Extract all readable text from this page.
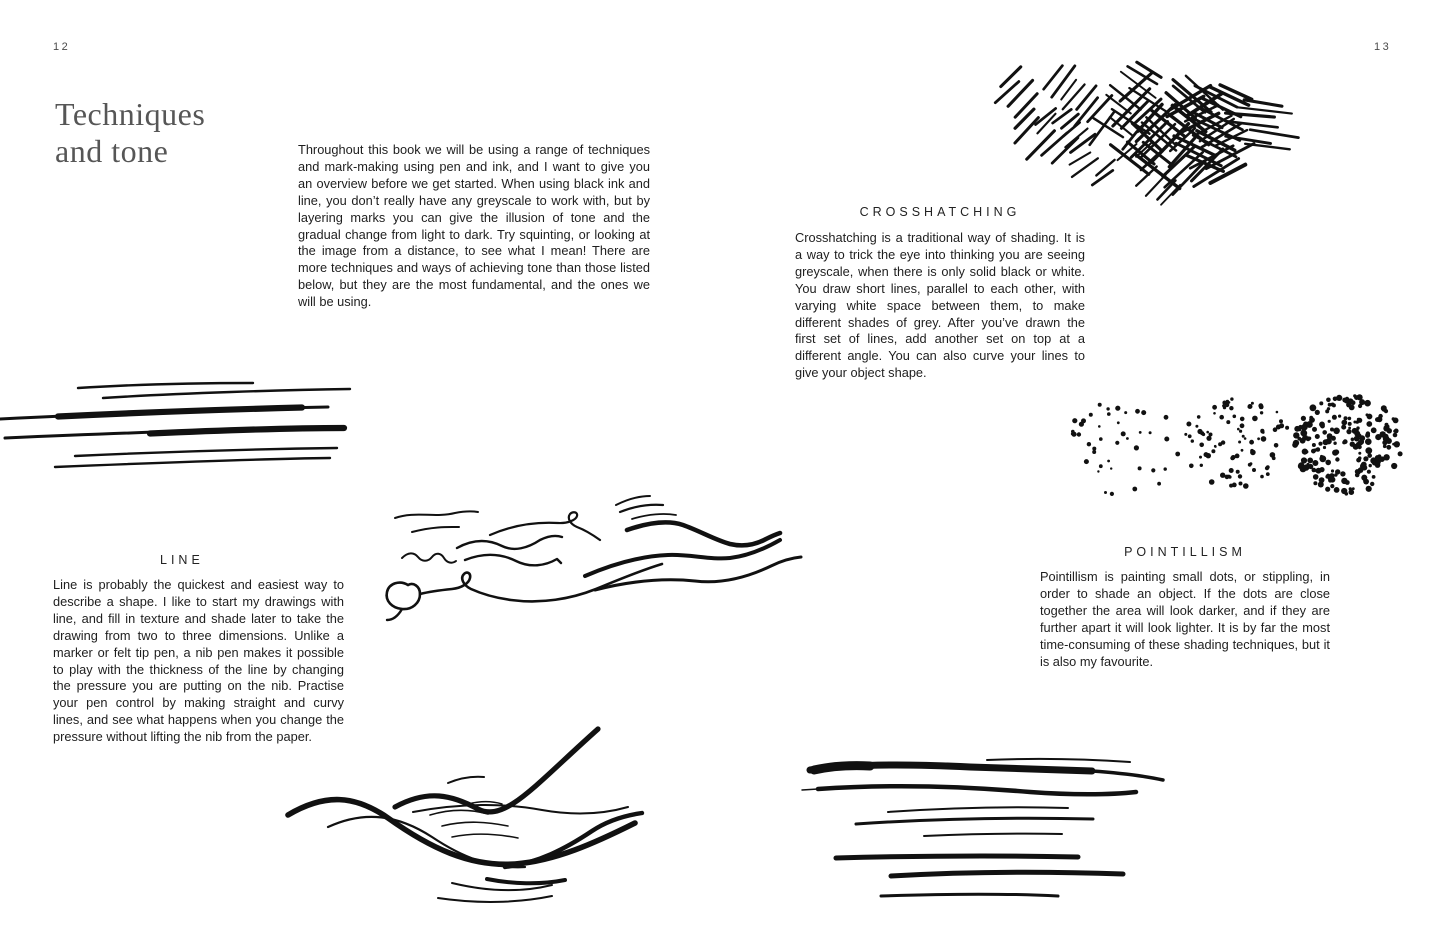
12
Techniques
and tone	Throughout this book we will be using a range of techniques and mark-making using pen and ink, and I want to give you an overview before we get started. When using black ink and line, you don’t really have any greyscale to work with, but by layering marks you can give the illusion of tone and the gradual change from light to dark. Try squinting, or looking at the image from a distance, to see what I mean! There are more techniques and ways of achieving tone than those listed below, but they are the most fundamental, and the ones we will be using.
LINE
Line is probably the quickest and easiest way to describe a shape. I like to start my drawings with line, and fill in texture and shade later to take the drawing from two to three dimensions. Unlike a marker or felt tip pen, a nib pen makes it possible to play with the thickness of the line by changing the pressure you are putting on the nib. Practise your pen control by making straight and curvy lines, and see what happens when you change the pressure without lifting the nib from the paper.
13
CROSSHATCHING
Crosshatching is a traditional way of shading. It is a way to trick the eye into thinking you are seeing greyscale, when there is only solid black or white. You draw short lines, parallel to each other, with varying white space between them, to make different shades of grey. After you’ve drawn the first set of lines, add another set on top at a different angle. You can also curve your lines to give your object shape.
POINTILLISM
Pointillism is painting small dots, or stippling, in order to shade an object. If the dots are close together the area will look darker, and if they are further apart it will look lighter. It is by far the most time-consuming of these shading techniques, but it is also my favourite.
